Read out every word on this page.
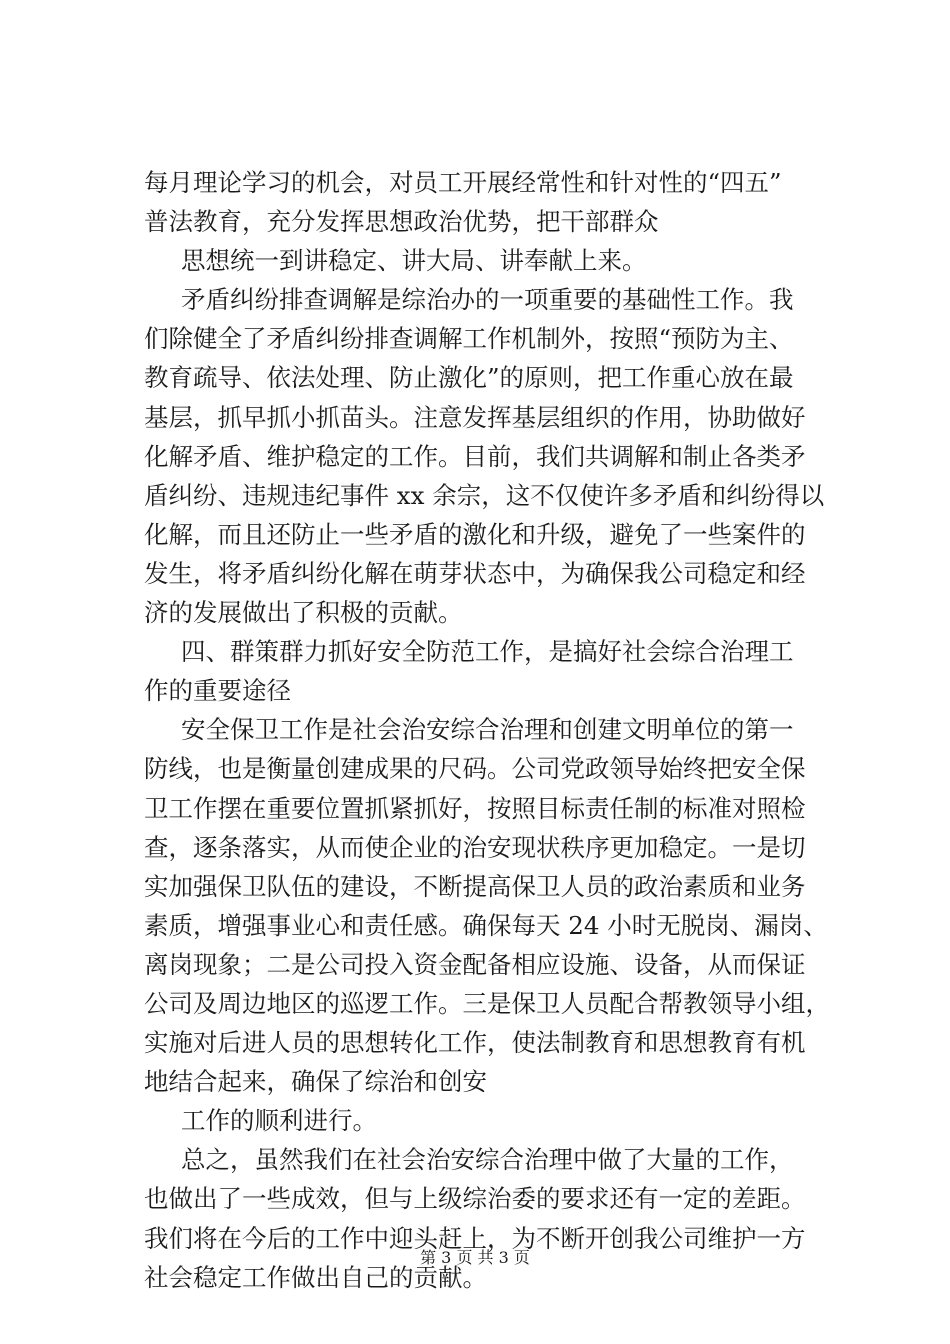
每月理论学习的机会，对员工开展经常性和针对性的“四五”
普法教育，充分发挥思想政治优势，把干部群众
思想统一到讲稳定、讲大局、讲奉献上来。
矛盾纠纷排查调解是综治办的一项重要的基础性工作。我
们除健全了矛盾纠纷排查调解工作机制外，按照“预防为主、
教育疏导、依法处理、防止激化”的原则，把工作重心放在最
基层，抓早抓小抓苗头。注意发挥基层组织的作用，协助做好
化解矛盾、维护稳定的工作。目前，我们共调解和制止各类矛
盾纠纷、违规违纪事件 xx 余宗，这不仅使许多矛盾和纠纷得以
化解，而且还防止一些矛盾的激化和升级，避免了一些案件的
发生，将矛盾纠纷化解在萌芽状态中，为确保我公司稳定和经
济的发展做出了积极的贡献。
四、群策群力抓好安全防范工作，是搞好社会综合治理工
作的重要途径
安全保卫工作是社会治安综合治理和创建文明单位的第一
防线，也是衡量创建成果的尺码。公司党政领导始终把安全保
卫工作摆在重要位置抓紧抓好，按照目标责任制的标准对照检
查，逐条落实，从而使企业的治安现状秩序更加稳定。一是切
实加强保卫队伍的建设，不断提高保卫人员的政治素质和业务
素质，增强事业心和责任感。确保每天 24 小时无脱岗、漏岗、
离岗现象；二是公司投入资金配备相应设施、设备，从而保证
公司及周边地区的巡逻工作。三是保卫人员配合帮教领导小组，
实施对后进人员的思想转化工作，使法制教育和思想教育有机
地结合起来，确保了综治和创安
工作的顺利进行。
总之，虽然我们在社会治安综合治理中做了大量的工作，
也做出了一些成效，但与上级综治委的要求还有一定的差距。
我们将在今后的工作中迎头赶上，为不断开创我公司维护一方
社会稳定工作做出自己的贡献。
第 3 页 共 3 页
